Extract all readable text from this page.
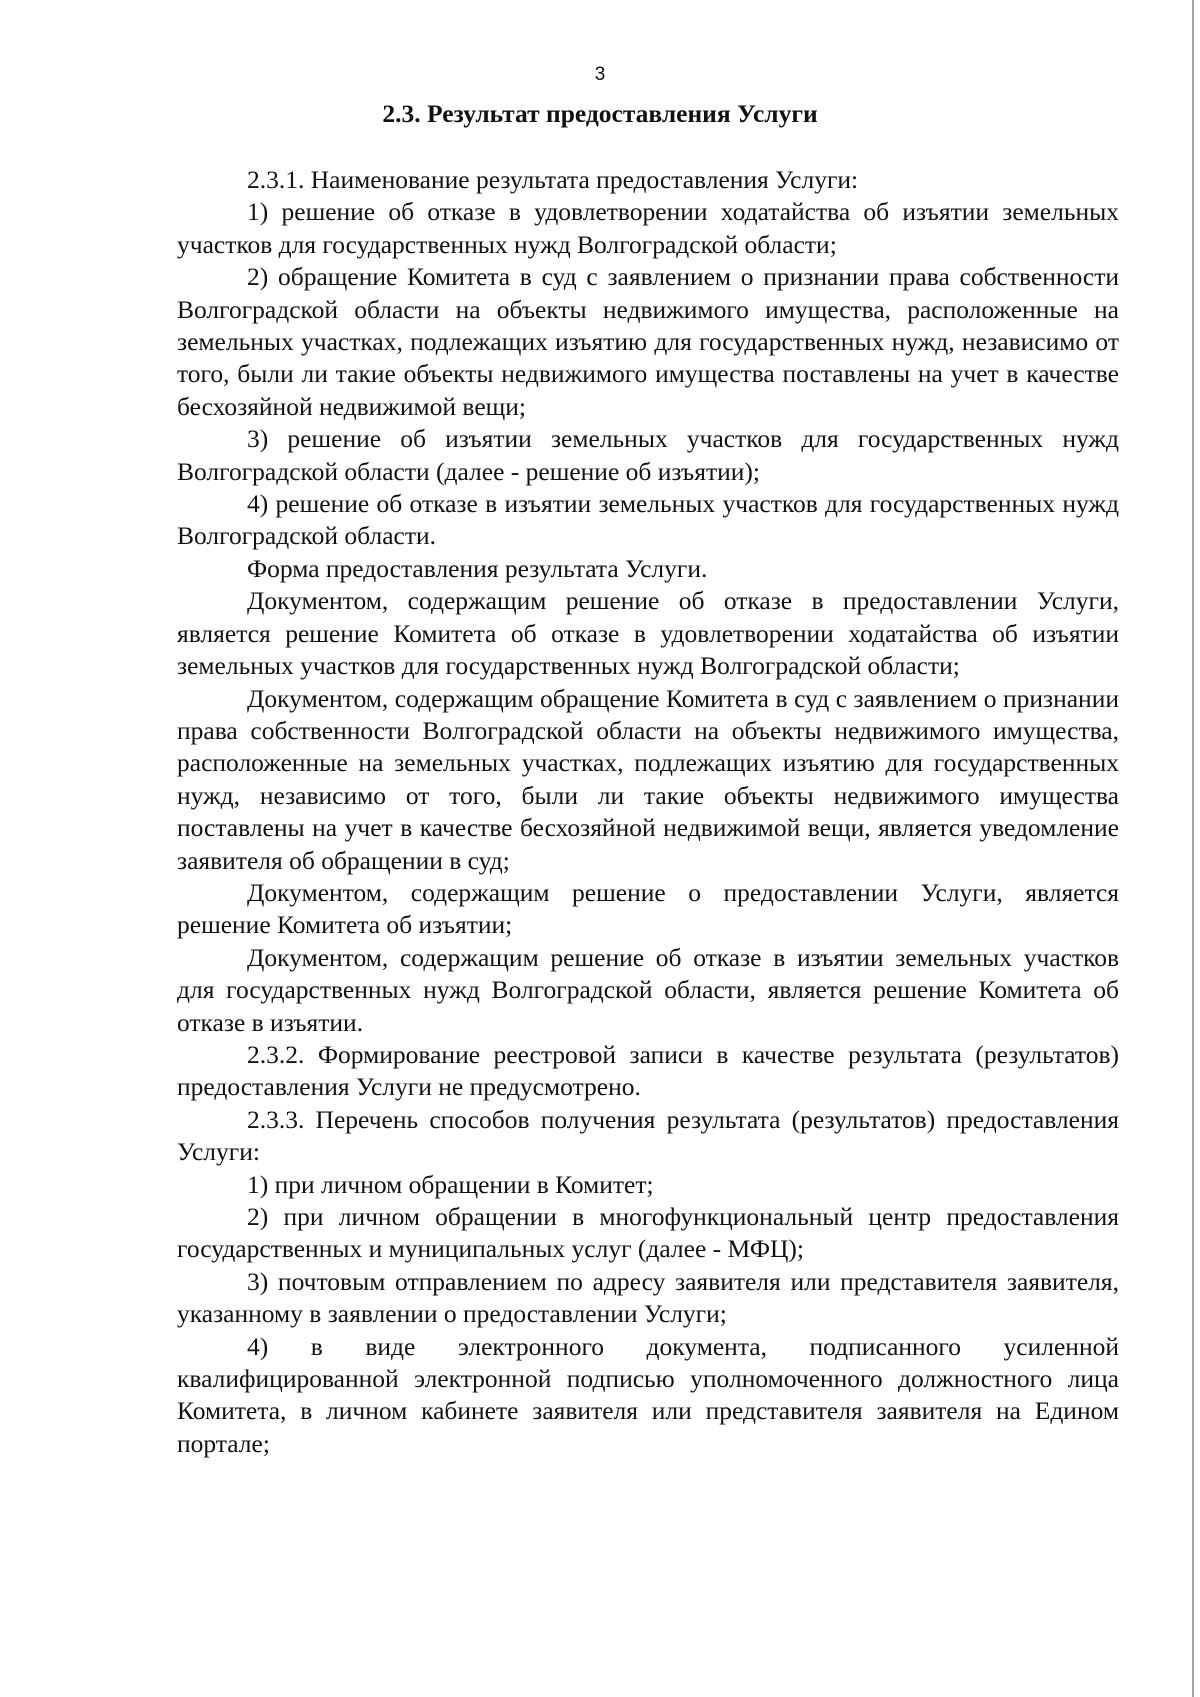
3
2.3. Результат предоставления Услуги

2.3.1. Наименование результата предоставления Услуги:

1) решение об отказе в удовлетворении ходатайства об изъятии земельных участков для государственных нужд Волгоградской области;

2) обращение Комитета в суд с заявлением о признании права собственности Волгоградской области на объекты недвижимого имущества, расположенные на земельных участках, подлежащих изъятию для государственных нужд, независимо от того, были ли такие объекты недвижимого имущества поставлены на учет в качестве бесхозяйной недвижимой вещи;

3) решение об изъятии земельных участков для государственных нужд Волгоградской области (далее - решение об изъятии);

4) решение об отказе в изъятии земельных участков для государственных нужд Волгоградской области.

Форма предоставления результата Услуги.

Документом, содержащим решение об отказе в предоставлении Услуги, является решение Комитета об отказе в удовлетворении ходатайства об изъятии земельных участков для государственных нужд Волгоградской области;

Документом, содержащим обращение Комитета в суд с заявлением о признании права собственности Волгоградской области на объекты недвижимого имущества, расположенные на земельных участках, подлежащих изъятию для государственных нужд, независимо от того, были ли такие объекты недвижимого имущества поставлены на учет в качестве бесхозяйной недвижимой вещи, является уведомление заявителя об обращении в суд;

Документом, содержащим решение о предоставлении Услуги, является решение Комитета об изъятии;

Документом, содержащим решение об отказе в изъятии земельных участков для государственных нужд Волгоградской области, является решение Комитета об отказе в изъятии.

2.3.2. Формирование реестровой записи в качестве результата (результатов) предоставления Услуги не предусмотрено.

2.3.3. Перечень способов получения результата (результатов) предоставления Услуги:

1) при личном обращении в Комитет;

2) при личном обращении в многофункциональный центр предоставления государственных и муниципальных услуг (далее - МФЦ);

3) почтовым отправлением по адресу заявителя или представителя заявителя, указанному в заявлении о предоставлении Услуги;

4) в виде электронного документа, подписанного усиленной квалифицированной электронной подписью уполномоченного должностного лица Комитета, в личном кабинете заявителя или представителя заявителя на Едином портале;
